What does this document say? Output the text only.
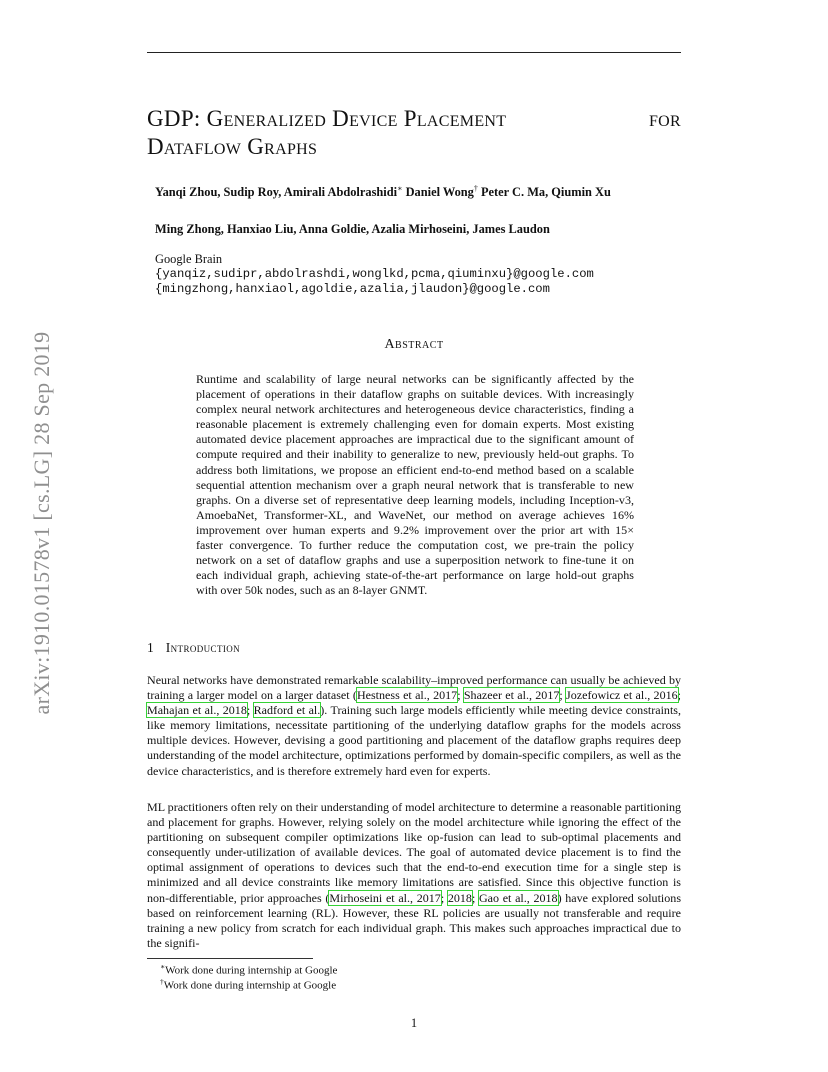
arXiv:1910.01578v1 [cs.LG] 28 Sep 2019
GDP: Generalized Device Placement	for

Dataflow Graphs

Yanqi Zhou, Sudip Roy, Amirali Abdolrashidi∗ Daniel Wong† Peter C. Ma, Qiumin Xu

Ming Zhong, Hanxiao Liu, Anna Goldie, Azalia Mirhoseini, James Laudon

Google Brain
{yanqiz,sudipr,abdolrashdi,wonglkd,pcma,qiuminxu}@google.com
{mingzhong,hanxiaol,agoldie,azalia,jlaudon}@google.com
Abstract

Runtime and scalability of large neural networks can be significantly affected by the placement of operations in their dataflow graphs on suitable devices. With increasingly complex neural network architectures and heterogeneous device characteristics, finding a reasonable placement is extremely challenging even for domain experts. Most existing automated device placement approaches are impractical due to the significant amount of compute required and their inability to generalize to new, previously held-out graphs. To address both limitations, we propose an efficient end-to-end method based on a scalable sequential attention mechanism over a graph neural network that is transferable to new graphs. On a diverse set of representative deep learning models, including Inception-v3, AmoebaNet, Transformer-XL, and WaveNet, our method on average achieves 16% improvement over human experts and 9.2% improvement over the prior art with 15× faster convergence. To further reduce the computation cost, we pre-train the policy network on a set of dataflow graphs and use a superposition network to fine-tune it on each individual graph, achieving state-of-the-art performance on large hold-out graphs with over 50k nodes, such as an 8-layer GNMT.

1 Introduction

Neural networks have demonstrated remarkable scalability–improved performance can usually be achieved by training a larger model on a larger dataset (Hestness et al., 2017; Shazeer et al., 2017; Jozefowicz et al., 2016; Mahajan et al., 2018; Radford et al.). Training such large models efficiently while meeting device constraints, like memory limitations, necessitate partitioning of the underlying dataflow graphs for the models across multiple devices. However, devising a good partitioning and placement of the dataflow graphs requires deep understanding of the model architecture, optimizations performed by domain-specific compilers, as well as the device characteristics, and is therefore extremely hard even for experts.

ML practitioners often rely on their understanding of model architecture to determine a reasonable partitioning and placement for graphs. However, relying solely on the model architecture while ignoring the effect of the partitioning on subsequent compiler optimizations like op-fusion can lead to sub-optimal placements and consequently under-utilization of available devices. The goal of automated device placement is to find the optimal assignment of operations to devices such that the end-to-end execution time for a single step is minimized and all device constraints like memory limitations are satisfied. Since this objective function is non-differentiable, prior approaches (Mirhoseini et al., 2017; 2018; Gao et al., 2018) have explored solutions based on reinforcement learning (RL). However, these RL policies are usually not transferable and require training a new policy from scratch for each individual graph. This makes such approaches impractical due to the signifi-

∗Work done during internship at Google
†Work done during internship at Google
1
